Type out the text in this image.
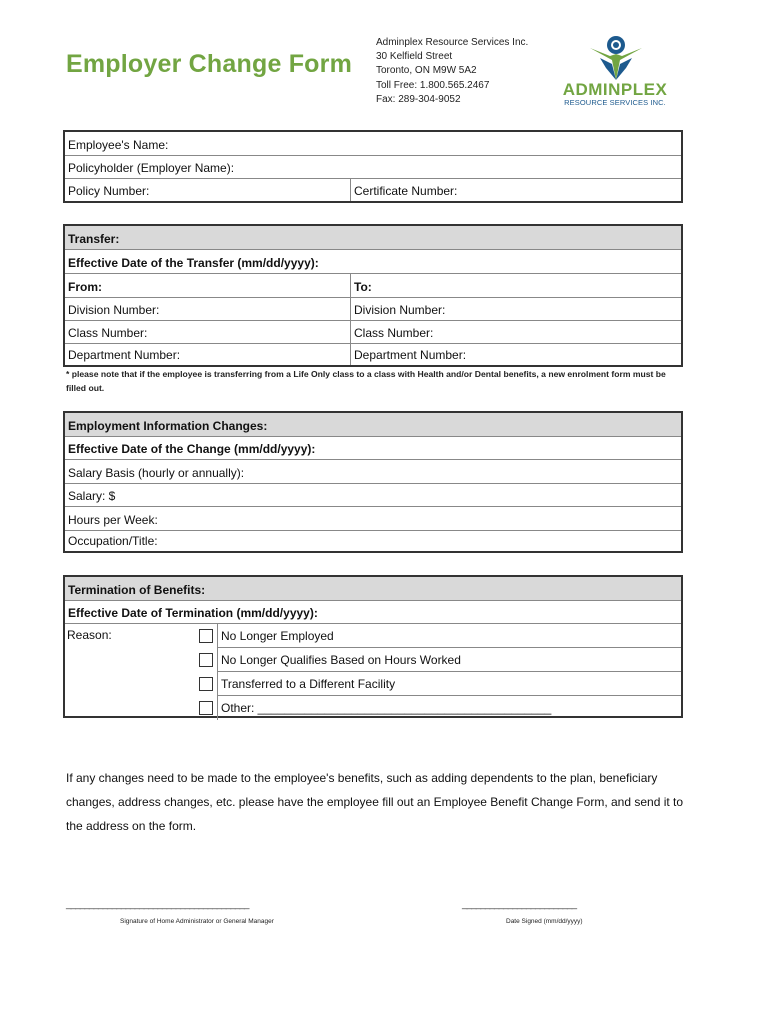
Employer Change Form
Adminplex Resource Services Inc.
30 Kelfield Street
Toronto, ON M9W 5A2
Toll Free: 1.800.565.2467
Fax: 289-304-9052
ADMINPLEX
RESOURCE SERVICES INC.
Employee's Name:
Policyholder (Employer Name):
Policy Number:	Certificate Number:
Transfer:
Effective Date of the Transfer (mm/dd/yyyy):
From:	To:
Division Number:	Division Number:
Class Number:	Class Number:
Department Number:	Department Number:
* please note that if the employee is transferring from a Life Only class to a class with Health and/or Dental benefits, a new enrolment form must be filled out.
Employment Information Changes:
Effective Date of the Change (mm/dd/yyyy):
Salary Basis (hourly or annually):
Salary: $
Hours per Week:
Occupation/Title:
Termination of Benefits:
Effective Date of Termination (mm/dd/yyyy):
Reason:	No Longer Employed
No Longer Qualifies Based on Hours Worked
Transferred to a Different Facility
Other: ____________________________________________
If any changes need to be made to the employee's benefits, such as adding dependents to the plan, beneficiary changes, address changes, etc. please have the employee fill out an Employee Benefit Change Form, and send it to the address on the form.
________________________________________
Signature of Home Administrator or General Manager
_________________________
Date Signed (mm/dd/yyyy)
